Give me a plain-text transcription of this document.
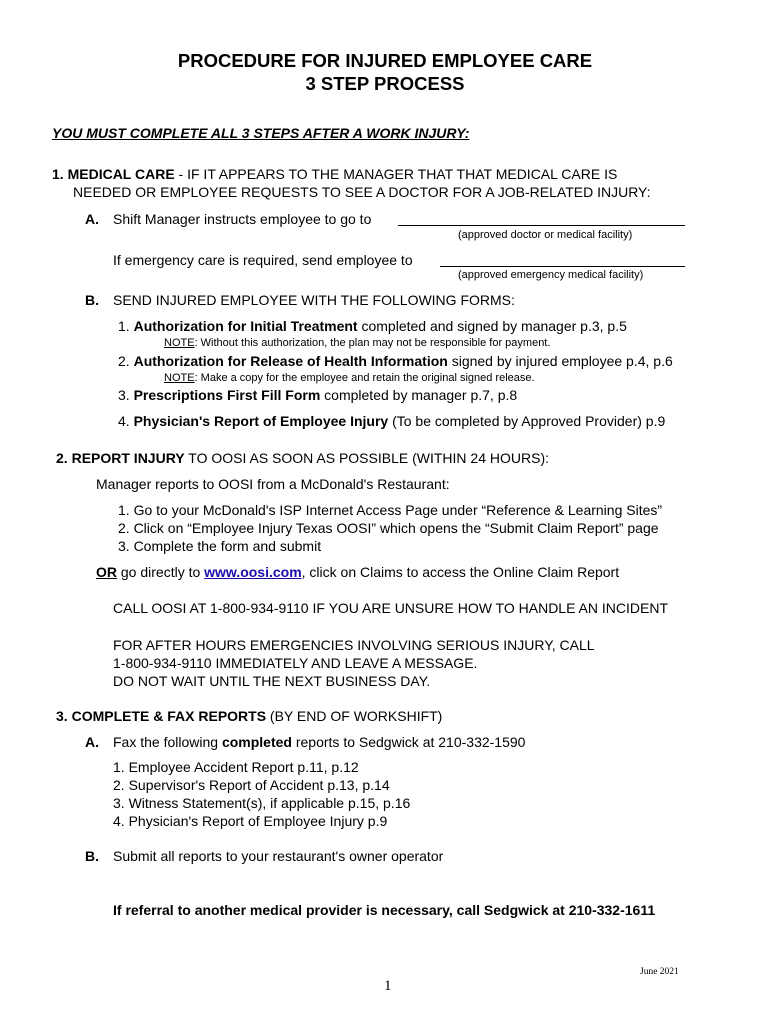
PROCEDURE FOR INJURED EMPLOYEE CARE
3 STEP PROCESS
YOU MUST COMPLETE ALL 3 STEPS AFTER A WORK INJURY:
1. MEDICAL CARE - IF IT APPEARS TO THE MANAGER THAT THAT MEDICAL CARE IS
NEEDED OR EMPLOYEE REQUESTS TO SEE A DOCTOR FOR A JOB-RELATED INJURY:
A. Shift Manager instructs employee to go to
(approved doctor or medical facility)
If emergency care is required, send employee to
(approved emergency medical facility)
B. SEND INJURED EMPLOYEE WITH THE FOLLOWING FORMS:
1. Authorization for Initial Treatment completed and signed by manager p.3, p.5
NOTE: Without this authorization, the plan may not be responsible for payment.
2. Authorization for Release of Health Information signed by injured employee p.4, p.6
NOTE: Make a copy for the employee and retain the original signed release.
3. Prescriptions First Fill Form completed by manager p.7, p.8
4. Physician's Report of Employee Injury (To be completed by Approved Provider) p.9
2. REPORT INJURY TO OOSI AS SOON AS POSSIBLE (WITHIN 24 HOURS):
Manager reports to OOSI from a McDonald's Restaurant:
1. Go to your McDonald's ISP Internet Access Page under “Reference & Learning Sites”
2. Click on “Employee Injury Texas OOSI” which opens the “Submit Claim Report” page
3. Complete the form and submit
OR go directly to www.oosi.com, click on Claims to access the Online Claim Report
CALL OOSI AT 1-800-934-9110 IF YOU ARE UNSURE HOW TO HANDLE AN INCIDENT
FOR AFTER HOURS EMERGENCIES INVOLVING SERIOUS INJURY, CALL
1-800-934-9110 IMMEDIATELY AND LEAVE A MESSAGE.
DO NOT WAIT UNTIL THE NEXT BUSINESS DAY.
3. COMPLETE & FAX REPORTS (BY END OF WORKSHIFT)
A. Fax the following completed reports to Sedgwick at 210-332-1590
1. Employee Accident Report p.11, p.12
2. Supervisor's Report of Accident p.13, p.14
3. Witness Statement(s), if applicable p.15, p.16
4. Physician's Report of Employee Injury p.9
B. Submit all reports to your restaurant's owner operator
If referral to another medical provider is necessary, call Sedgwick at 210-332-1611
June 2021
1
